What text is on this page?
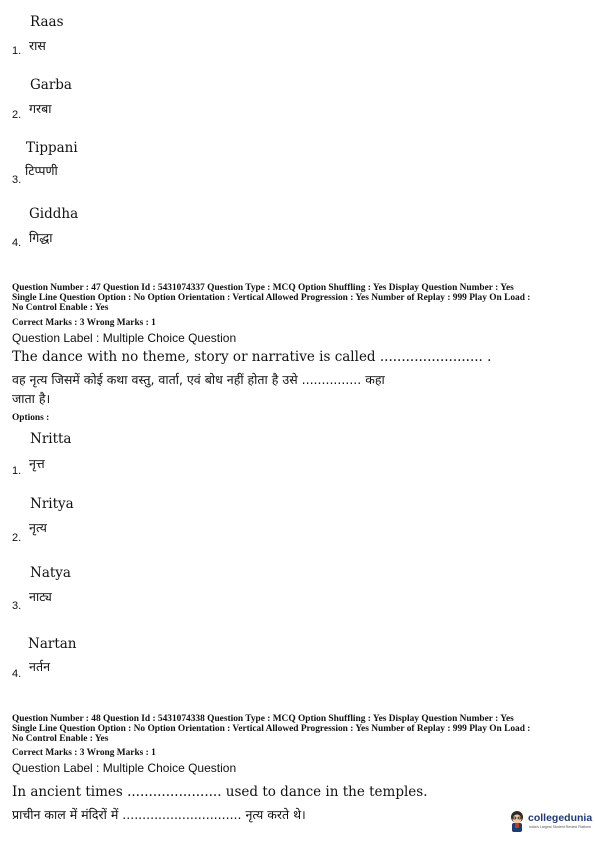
Raas
1. रास
Garba
2. गरबा
Tippani
3.
टिप्पणी
Giddha
4. गिद्धा
Question Number : 47 Question Id : 5431074337 Question Type : MCQ Option Shuffling : Yes Display Question Number : Yes
Single Line Question Option : No Option Orientation : Vertical Allowed Progression : Yes Number of Replay : 999 Play On Load :
No Control Enable : Yes
Correct Marks : 3 Wrong Marks : 1
Question Label : Multiple Choice Question
The dance with no theme, story or narrative is called ........................ .
वह नृत्य जिसमें कोई कथा वस्तु, वार्ता, एवं बोध नहीं होता है उसे ............... कहा
जाता है।
Options :
Nritta
1. नृत्त
Nritya
2.
नृत्य
Natya
3.
नाट्य
Nartan
4. नर्तन
Question Number : 48 Question Id : 5431074338 Question Type : MCQ Option Shuffling : Yes Display Question Number : Yes
Single Line Question Option : No Option Orientation : Vertical Allowed Progression : Yes Number of Replay : 999 Play On Load :
No Control Enable : Yes
Correct Marks : 3 Wrong Marks : 1
Question Label : Multiple Choice Question
In ancient times ...................... used to dance in the temples.
प्राचीन काल में मंदिरों में .............................. नृत्य करते थे।	collegedunia
India's Largest Student Review Platform
